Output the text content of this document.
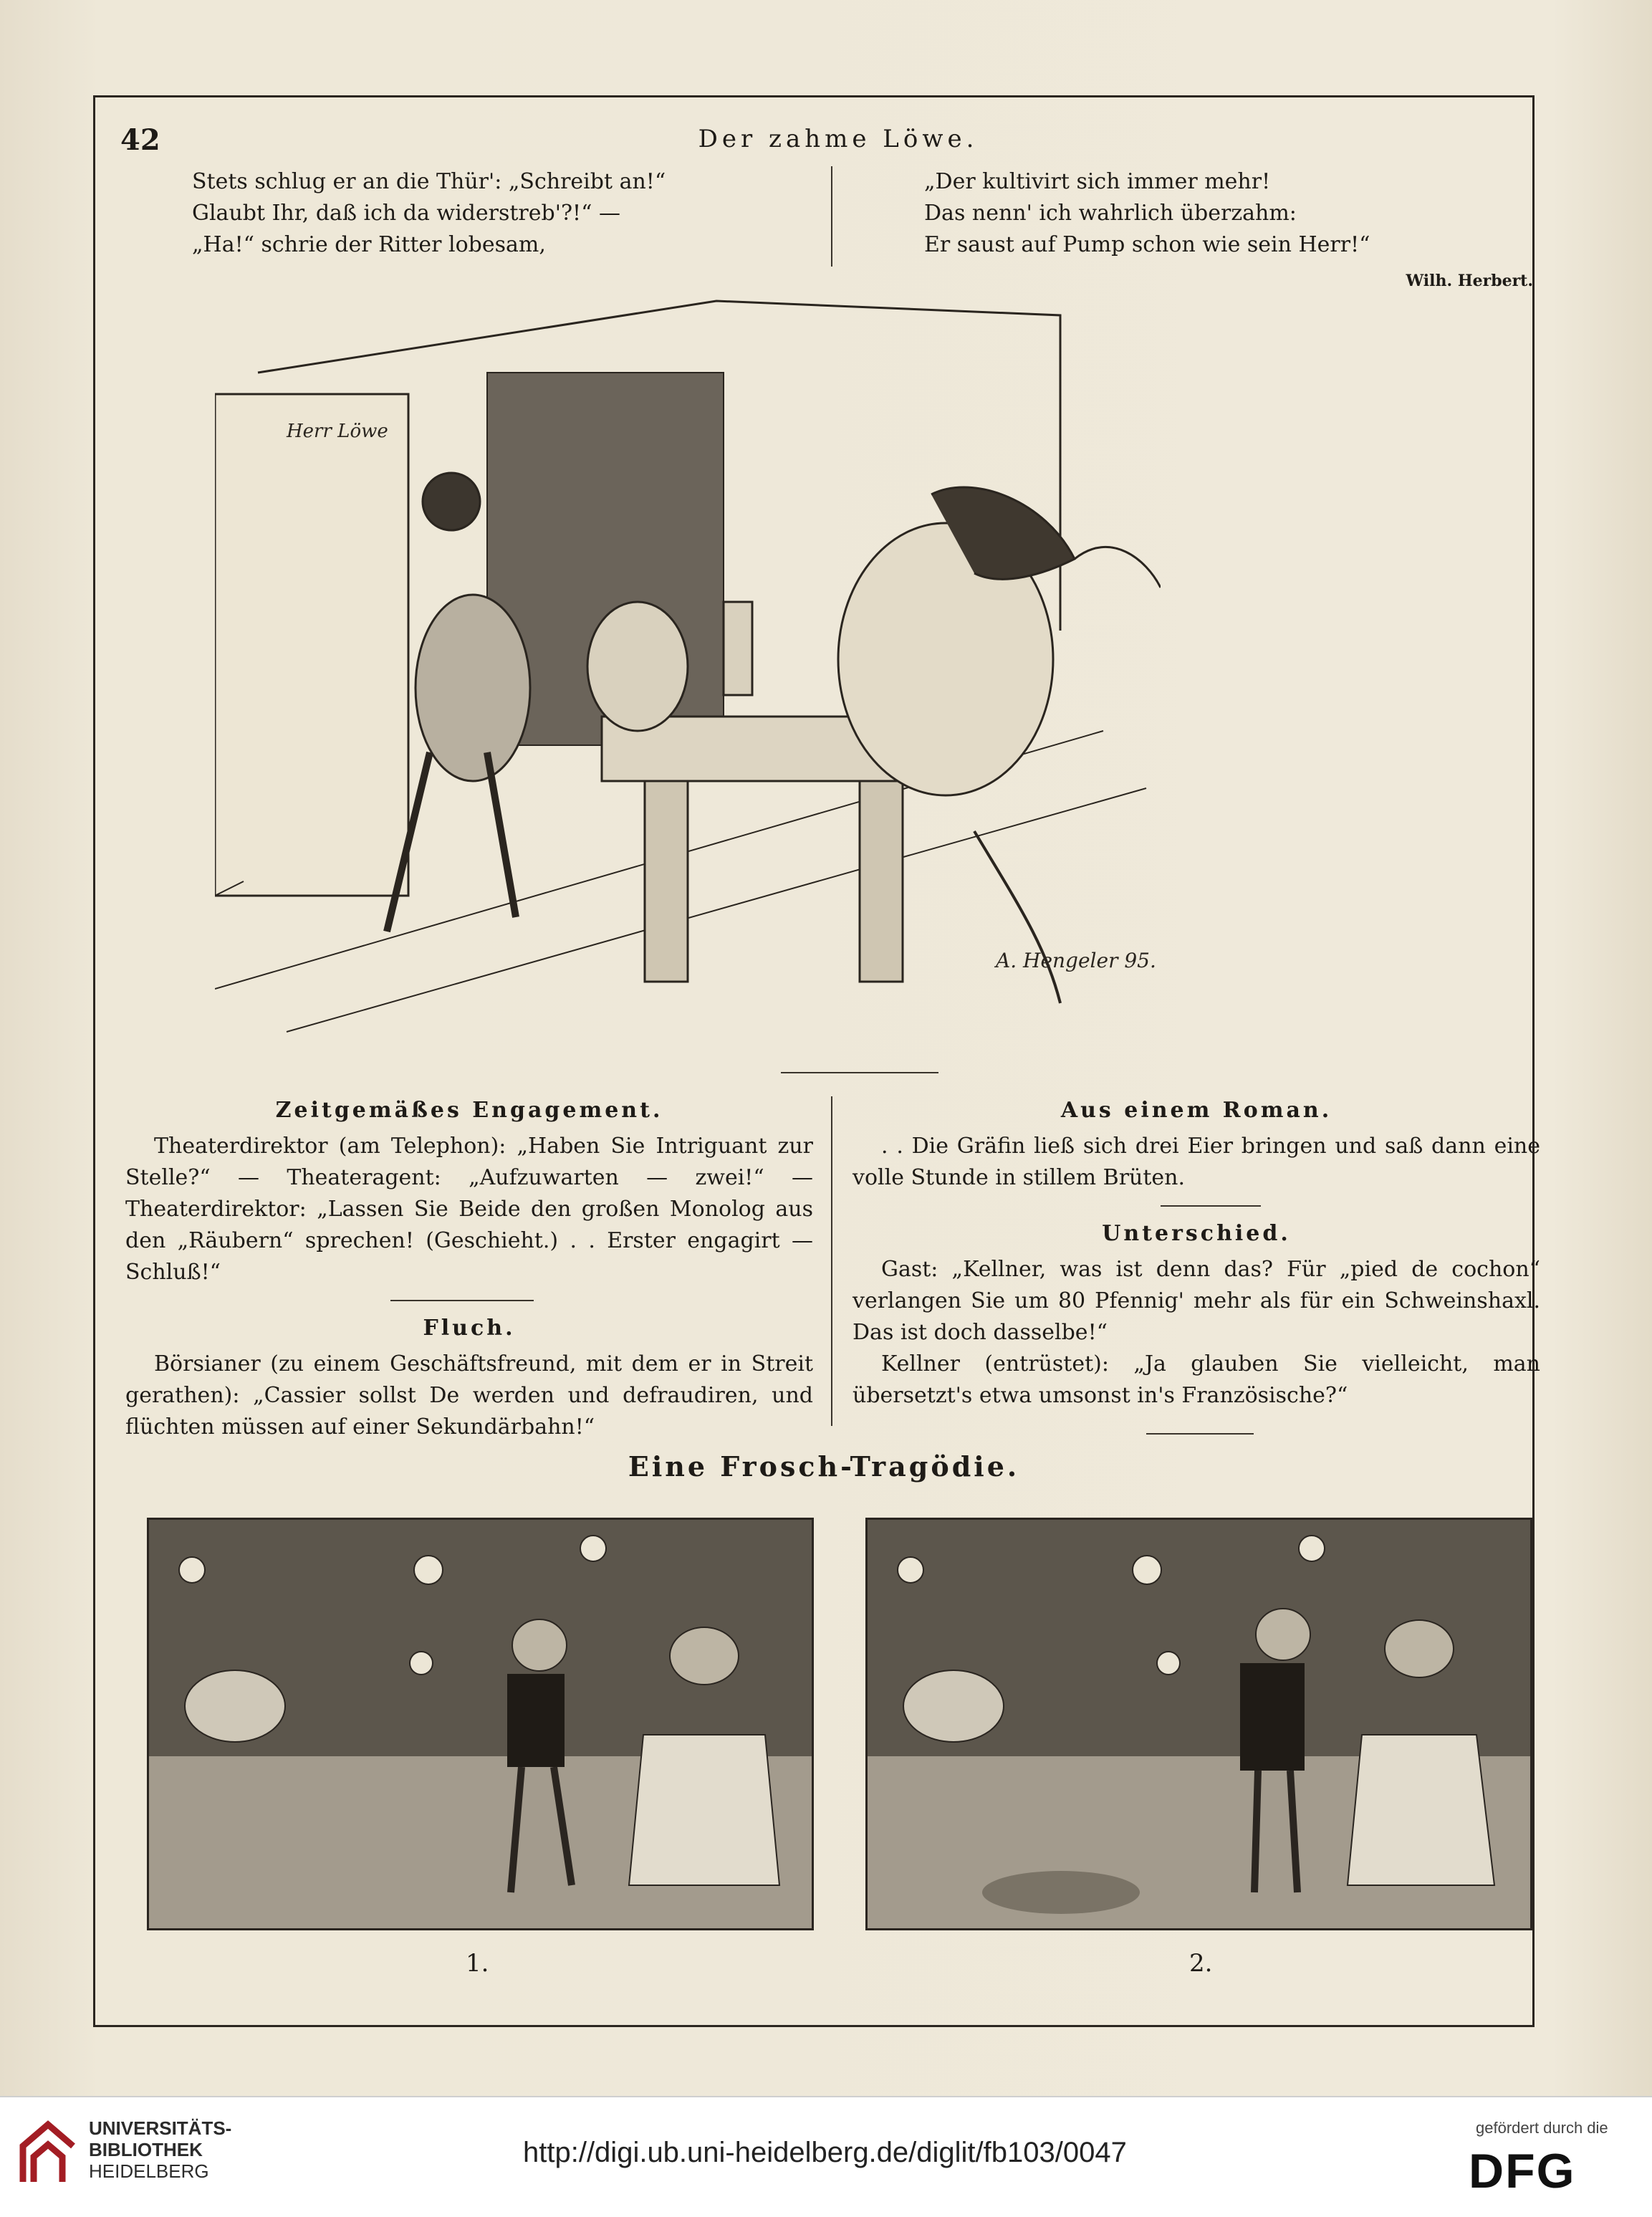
42	Der zahme Löwe.

Stets schlug er an die Thür': „Schreibt an!“

Glaubt Ihr, daß ich da widerstreb'?!“ —

„Ha!“ schrie der Ritter lobesam,

„Der kultivirt sich immer mehr!

Das nenn' ich wahrlich überzahm:

Er saust auf Pump schon wie sein Herr!“

Wilh. Herbert.
Herr Löwe
A. Hengeler 95.
Zeitgemäßes Engagement.

Theaterdirektor (am Telephon): „Haben Sie Intriguant zur Stelle?“ — Theateragent: „Aufzuwarten — zwei!“ — Theaterdirektor: „Lassen Sie Beide den großen Monolog aus den „Räubern“ sprechen! (Geschieht.) . . Erster engagirt — Schluß!“

Fluch.

Börsianer (zu einem Geschäftsfreund, mit dem er in Streit gerathen): „Cassier sollst De werden und defraudiren, und flüchten müssen auf einer Sekundärbahn!“

Aus einem Roman.

. . Die Gräfin ließ sich drei Eier bringen und saß dann eine volle Stunde in stillem Brüten.

Unterschied.

Gast: „Kellner, was ist denn das? Für „pied de cochon“ verlangen Sie um 80 Pfennig' mehr als für ein Schweinshaxl. Das ist doch dasselbe!“

Kellner (entrüstet): „Ja glauben Sie vielleicht, man übersetzt's etwa umsonst in's Französische?“

Eine Frosch-Tragödie.
1.	2.
UNIVERSITÄTS-
BIBLIOTHEK
HEIDELBERG
http://digi.ub.uni-heidelberg.de/diglit/fb103/0047
gefördert durch die
DFG
